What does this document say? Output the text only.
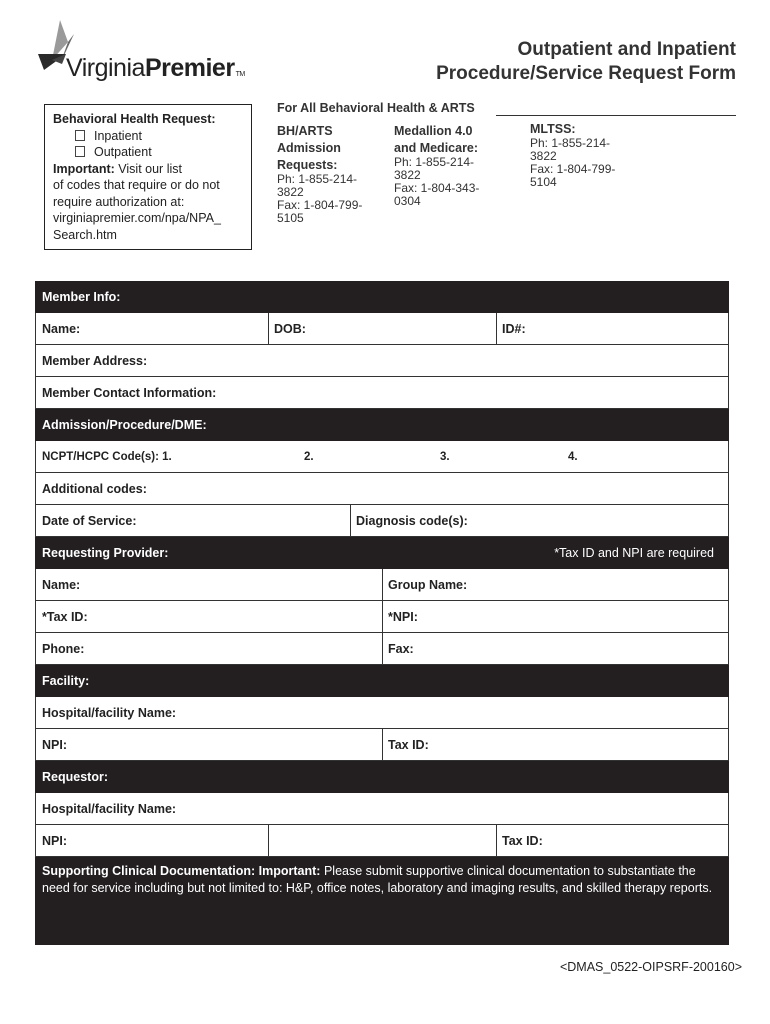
VirginiaPremierTM
Outpatient and Inpatient
Procedure/Service Request Form
Behavioral Health Request:
Inpatient
Outpatient
Important: Visit our list
of codes that require or do not
require authorization at:
virginiapremier.com/npa/NPA_
Search.htm
For All Behavioral Health & ARTS
BH/ARTS
Admission
Requests:
Ph: 1-855-214-
3822
Fax: 1-804-799-
5105
Medallion 4.0
and Medicare:
Ph: 1-855-214-
3822
Fax: 1-804-343-
0304
MLTSS:
Ph: 1-855-214-
3822
Fax: 1-804-799-
5104
Member Info:
Name:	DOB:	ID#:
Member Address:
Member Contact Information:
Admission/Procedure/DME:
NCPT/HCPC Code(s): 1.	2.	3.	4.
Additional codes:
Date of Service:	Diagnosis code(s):
Requesting Provider:	*Tax ID and NPI are required
Name:	Group Name:
*Tax ID:	*NPI:
Phone:	Fax:
Facility:
Hospital/facility Name:
NPI:	Tax ID:
Requestor:
Hospital/facility Name:
NPI:	Tax ID:
Supporting Clinical Documentation: Important: Please submit supportive clinical documentation to substantiate the need for service including but not limited to: H&P, office notes, laboratory and imaging results, and skilled therapy reports.
<DMAS_0522-OIPSRF-200160>
